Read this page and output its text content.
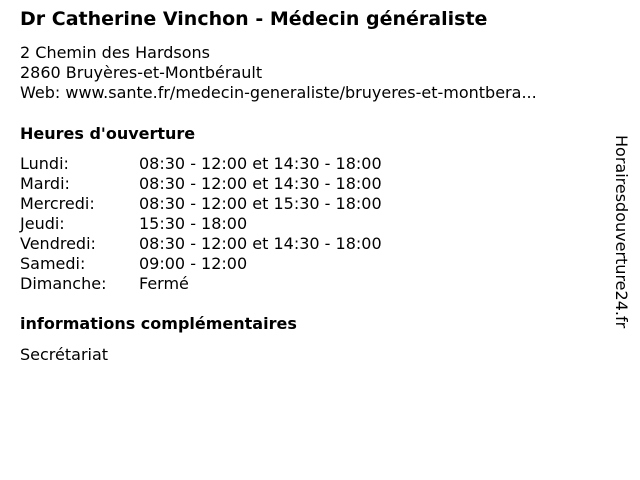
Dr Catherine Vinchon - Médecin généraliste
2 Chemin des Hardsons
2860 Bruyères-et-Montbérault
Web: www.sante.fr/medecin-generaliste/bruyeres-et-montbera...
Heures d'ouverture
Lundi:	08:30 - 12:00 et 14:30 - 18:00
Mardi:	08:30 - 12:00 et 14:30 - 18:00
Mercredi:	08:30 - 12:00 et 15:30 - 18:00
Jeudi:	15:30 - 18:00
Vendredi:	08:30 - 12:00 et 14:30 - 18:00
Samedi:	09:00 - 12:00
Dimanche: Fermé
informations complémentaires
Secrétariat
Horairesdouverture24.fr
